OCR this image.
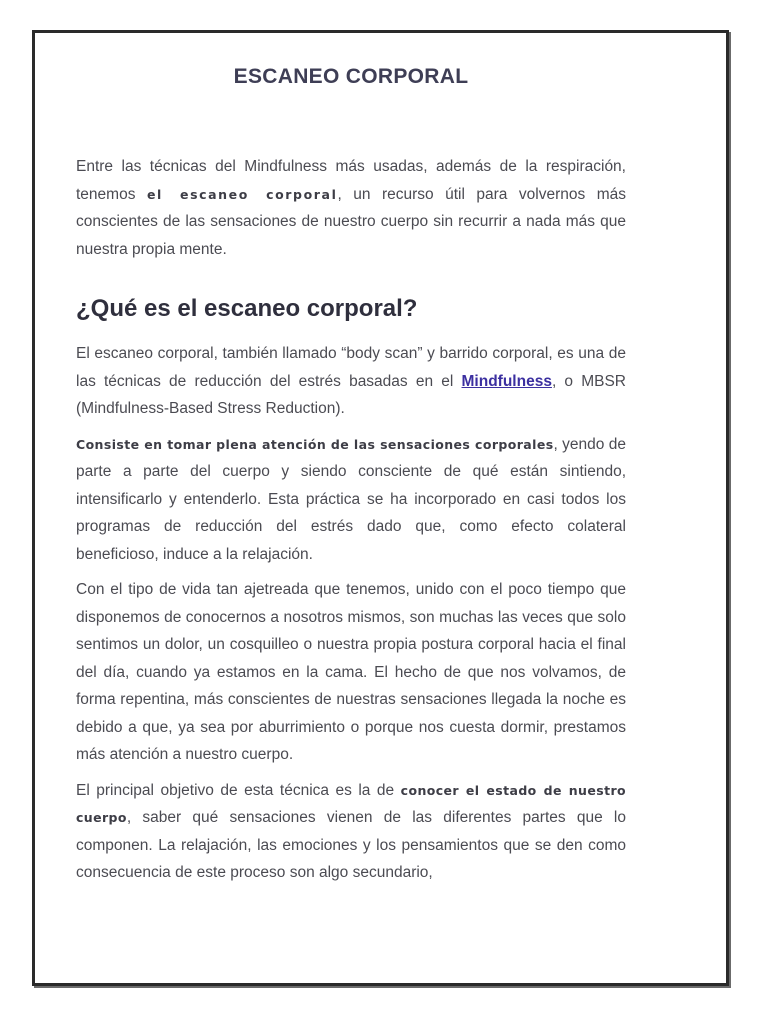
ESCANEO CORPORAL

Entre las técnicas del Mindfulness más usadas, además de la respiración, tenemos el escaneo corporal, un recurso útil para volvernos más conscientes de las sensaciones de nuestro cuerpo sin recurrir a nada más que nuestra propia mente.

¿Qué es el escaneo corporal?

El escaneo corporal, también llamado “body scan” y barrido corporal, es una de las técnicas de reducción del estrés basadas en el Mindfulness, o MBSR (Mindfulness-Based Stress Reduction).

Consiste en tomar plena atención de las sensaciones corporales, yendo de parte a parte del cuerpo y siendo consciente de qué están sintiendo, intensificarlo y entenderlo. Esta práctica se ha incorporado en casi todos los programas de reducción del estrés dado que, como efecto colateral beneficioso, induce a la relajación.

Con el tipo de vida tan ajetreada que tenemos, unido con el poco tiempo que disponemos de conocernos a nosotros mismos, son muchas las veces que solo sentimos un dolor, un cosquilleo o nuestra propia postura corporal hacia el final del día, cuando ya estamos en la cama. El hecho de que nos volvamos, de forma repentina, más conscientes de nuestras sensaciones llegada la noche es debido a que, ya sea por aburrimiento o porque nos cuesta dormir, prestamos más atención a nuestro cuerpo.

El principal objetivo de esta técnica es la de conocer el estado de nuestro cuerpo, saber qué sensaciones vienen de las diferentes partes que lo componen. La relajación, las emociones y los pensamientos que se den como consecuencia de este proceso son algo secundario,
